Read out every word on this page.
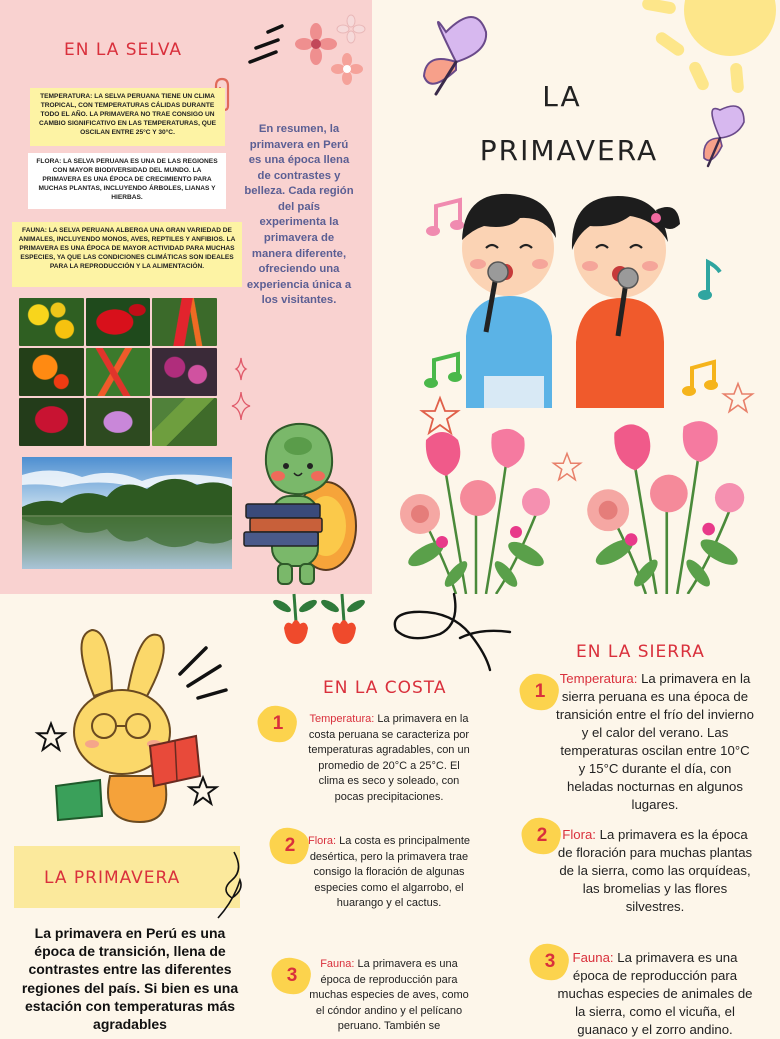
EN LA SELVA
TEMPERATURA: LA SELVA PERUANA TIENE UN CLIMA TROPICAL, CON TEMPERATURAS CÁLIDAS DURANTE TODO EL AÑO. LA PRIMAVERA NO TRAE CONSIGO UN CAMBIO SIGNIFICATIVO EN LAS TEMPERATURAS, QUE OSCILAN ENTRE 25°C Y 30°C.
FLORA: LA SELVA PERUANA ES UNA DE LAS REGIONES CON MAYOR BIODIVERSIDAD DEL MUNDO. LA PRIMAVERA ES UNA ÉPOCA DE CRECIMIENTO PARA MUCHAS PLANTAS, INCLUYENDO ÁRBOLES, LIANAS Y HIERBAS.
FAUNA: LA SELVA PERUANA ALBERGA UNA GRAN VARIEDAD DE ANIMALES, INCLUYENDO MONOS, AVES, REPTILES Y ANFIBIOS. LA PRIMAVERA ES UNA ÉPOCA DE MAYOR ACTIVIDAD PARA MUCHAS ESPECIES, YA QUE LAS CONDICIONES CLIMÁTICAS SON IDEALES PARA LA REPRODUCCIÓN Y LA ALIMENTACIÓN.
En resumen, la primavera en Perú es una época llena de contrastes y belleza. Cada región del país experimenta la primavera de manera diferente, ofreciendo una experiencia única a los visitantes.
LA
PRIMAVERA
LA PRIMAVERA
La primavera en Perú es una época de transición, llena de contrastes entre las diferentes regiones del país. Si bien es una estación con temperaturas más agradables
EN LA COSTA
1	Temperatura: La primavera en la costa peruana se caracteriza por temperaturas agradables, con un promedio de 20°C a 25°C. El clima es seco y soleado, con pocas precipitaciones.
2	Flora: La costa es principalmente desértica, pero la primavera trae consigo la floración de algunas especies como el algarrobo, el huarango y el cactus.
3
Fauna: La primavera es una época de reproducción para muchas especies de aves, como el cóndor andino y el pelícano peruano. También se
EN LA SIERRA
1
Temperatura: La primavera en la sierra peruana es una época de transición entre el frío del invierno y el calor del verano. Las temperaturas oscilan entre 10°C y 15°C durante el día, con heladas nocturnas en algunos lugares.
2	Flora: La primavera es la época de floración para muchas plantas de la sierra, como las orquídeas, las bromelias y las flores silvestres.
3	Fauna: La primavera es una época de reproducción para muchas especies de animales de la sierra, como el vicuña, el guanaco y el zorro andino.
